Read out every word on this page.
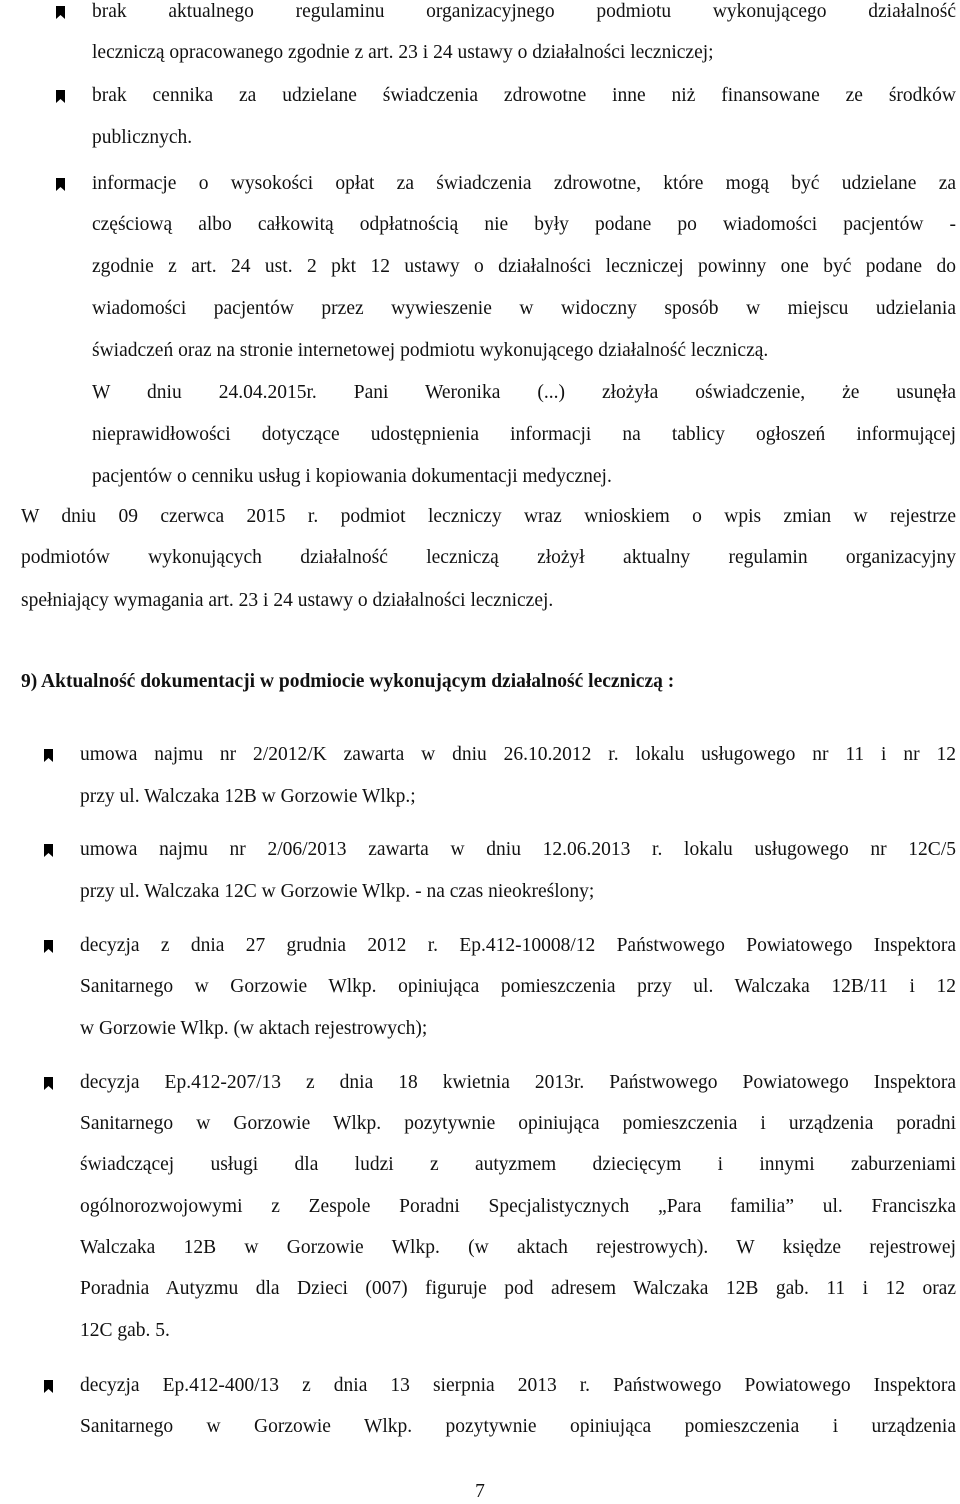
brak aktualnego regulaminu organizacyjnego podmiotu wykonującego działalność
leczniczą opracowanego zgodnie z art. 23 i 24 ustawy o działalności leczniczej;
brak cennika za udzielane świadczenia zdrowotne inne niż finansowane ze środków
publicznych.
informacje o wysokości opłat za świadczenia zdrowotne, które mogą być udzielane za
częściową albo całkowitą odpłatnością nie były podane po wiadomości pacjentów -
zgodnie z art. 24 ust. 2 pkt 12 ustawy o działalności leczniczej powinny one być podane do
wiadomości pacjentów przez wywieszenie w widoczny sposób w miejscu udzielania
świadczeń oraz na stronie internetowej podmiotu wykonującego działalność leczniczą.
W dniu 24.04.2015r. Pani Weronika (...) złożyła oświadczenie, że usunęła
nieprawidłowości dotyczące udostępnienia informacji na tablicy ogłoszeń informującej
pacjentów o cenniku usług i kopiowania dokumentacji medycznej.
W dniu 09 czerwca 2015 r. podmiot leczniczy wraz wnioskiem o wpis zmian w rejestrze
podmiotów wykonujących działalność leczniczą złożył aktualny regulamin organizacyjny
spełniający wymagania art. 23 i 24 ustawy o działalności leczniczej.
9) Aktualność dokumentacji w podmiocie wykonującym działalność leczniczą :
umowa najmu nr 2/2012/K zawarta w dniu 26.10.2012 r. lokalu usługowego nr 11 i nr 12
przy ul. Walczaka 12B w Gorzowie Wlkp.;
umowa najmu nr 2/06/2013 zawarta w dniu 12.06.2013 r. lokalu usługowego nr 12C/5
przy ul. Walczaka 12C w Gorzowie Wlkp. - na czas nieokreślony;
decyzja z dnia 27 grudnia 2012 r. Ep.412-10008/12 Państwowego Powiatowego Inspektora
Sanitarnego w Gorzowie Wlkp. opiniująca pomieszczenia przy ul. Walczaka 12B/11 i 12
w Gorzowie Wlkp. (w aktach rejestrowych);
decyzja Ep.412-207/13 z dnia 18 kwietnia 2013r. Państwowego Powiatowego Inspektora
Sanitarnego w Gorzowie Wlkp. pozytywnie opiniująca pomieszczenia i urządzenia poradni
świadczącej usługi dla ludzi z autyzmem dziecięcym i innymi zaburzeniami
ogólnorozwojowymi z Zespole Poradni Specjalistycznych „Para familia” ul. Franciszka
Walczaka 12B w Gorzowie Wlkp. (w aktach rejestrowych). W księdze rejestrowej
Poradnia Autyzmu dla Dzieci (007) figuruje pod adresem Walczaka 12B gab. 11 i 12 oraz
12C gab. 5.
decyzja Ep.412-400/13 z dnia 13 sierpnia 2013 r. Państwowego Powiatowego Inspektora
Sanitarnego w Gorzowie Wlkp. pozytywnie opiniująca pomieszczenia i urządzenia
7
